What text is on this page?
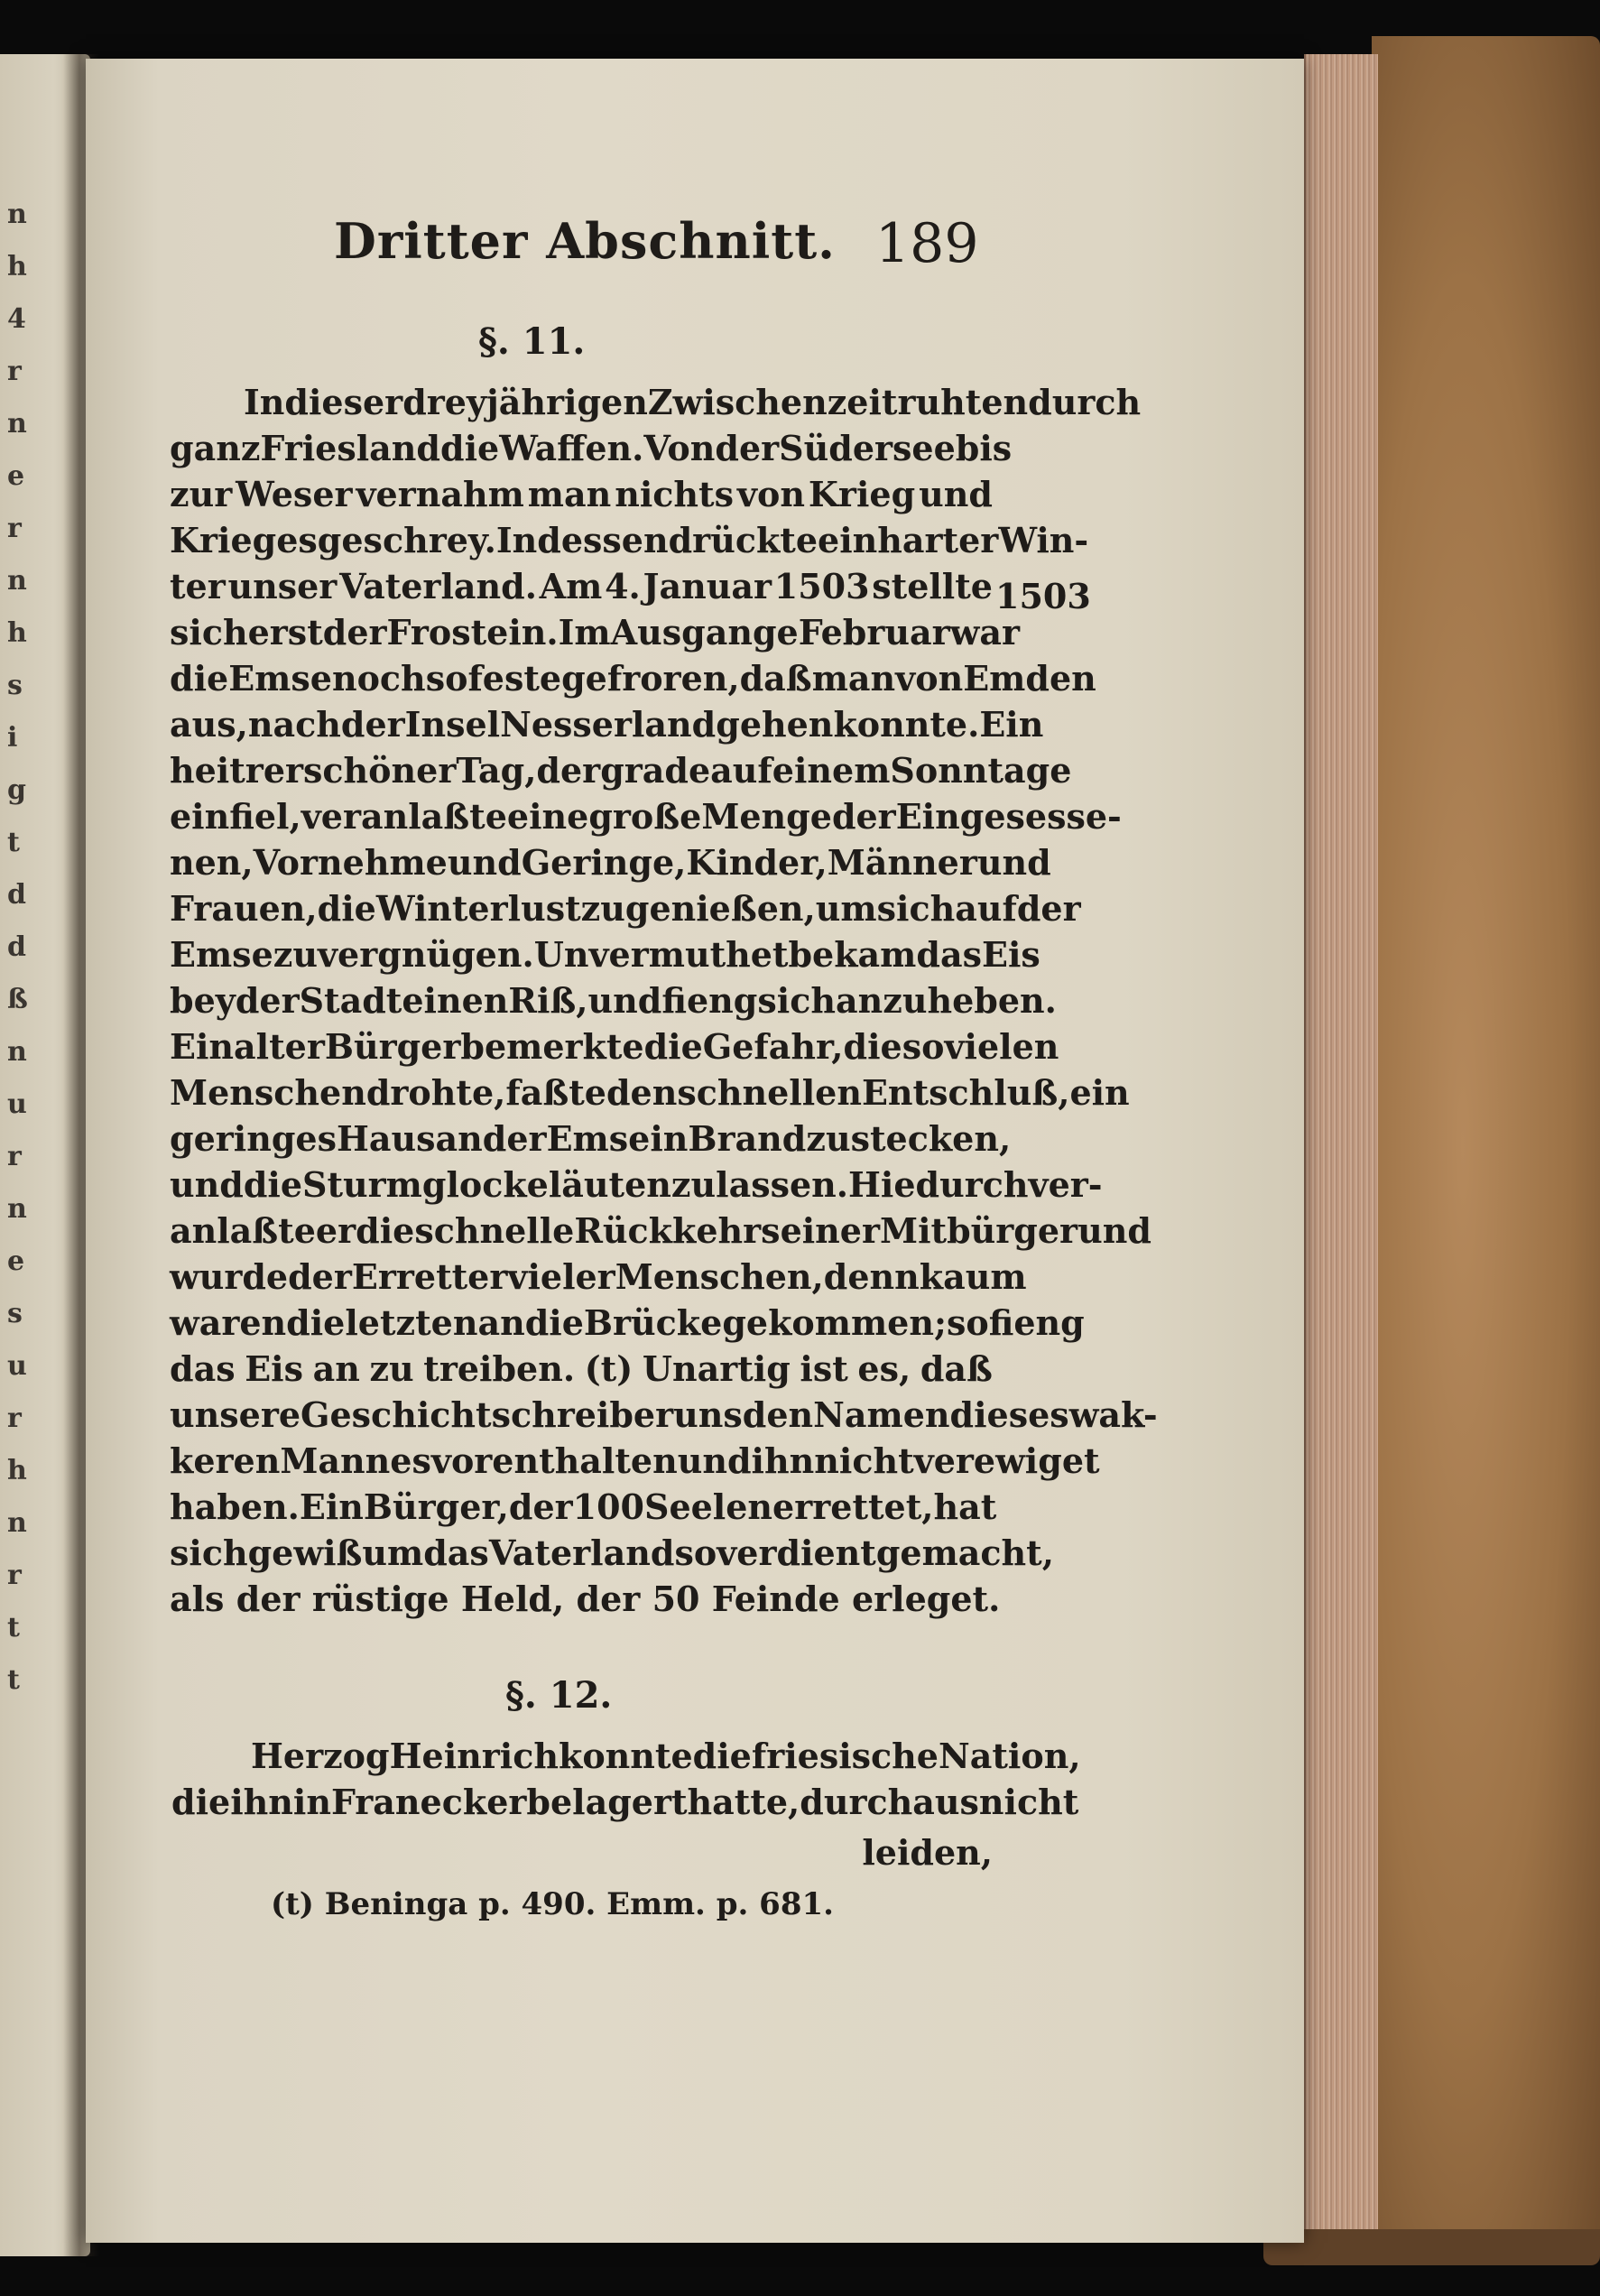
n
h
4
r
n
e
r
n
h
s
i
g
t
d
d
ß
n
u
r
n
e
s
u
r
h
n
r
t
t
Dritter Abschnitt. 189
§. 11.
1503
In dieser dreyjährigen Zwischenzeit ruhten durch
ganz Friesland die Waffen. Von der Südersee bis
zur Weser vernahm man nichts von Krieg und
Kriegesgeschrey. Indessen drückte ein harter Win-
ter unser Vaterland. Am 4. Januar 1503 stellte
sich erst der Frost ein. Im Ausgange Februar war
die Emse noch so feste gefroren, daß man von Emden
aus, nach der Insel Nesserland gehen konnte. Ein
heitrer schöner Tag, der grade auf einem Sonntage
einfiel, veranlaßte eine große Menge der Eingesesse-
nen, Vornehme und Geringe, Kinder, Männer und
Frauen, die Winterlust zu genießen, um sich auf der
Emse zu vergnügen. Unvermuthet bekam das Eis
bey der Stadt einen Riß, und fieng sich an zu heben.
Ein alter Bürger bemerkte die Gefahr, die so vielen
Menschen drohte, faßte den schnellen Entschluß, ein
geringes Haus an der Emse in Brand zu stecken,
und die Sturmglocke läuten zu lassen. Hiedurch ver-
anlaßte er die schnelle Rückkehr seiner Mitbürger und
wurde der Erretter vieler Menschen, denn kaum
waren die letzten an die Brücke gekommen; so fieng
das Eis an zu treiben. (t) Unartig ist es, daß
unsere Geschichtschreiber uns den Namen dieses wak-
keren Mannes vorenthalten und ihn nicht verewiget
haben. Ein Bürger, der 100 Seelen errettet, hat
sich gewiß um das Vaterland so verdient gemacht,
als der rüstige Held, der 50 Feinde erleget.
§. 12.
Herzog Heinrich konnte die friesische Nation,
die ihn in Franecker belagert hatte, durchaus nicht
leiden,
(t) Beninga p. 490. Emm. p. 681.
